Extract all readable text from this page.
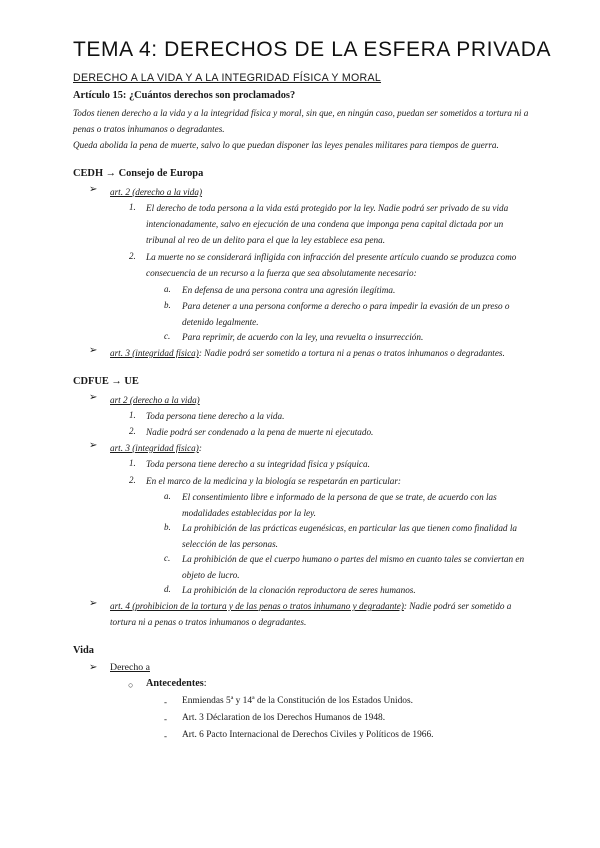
TEMA 4: DERECHOS DE LA ESFERA PRIVADA
DERECHO A LA VIDA Y A LA INTEGRIDAD FÍSICA Y MORAL
Artículo 15: ¿Cuántos derechos son proclamados?
Todos tienen derecho a la vida y a la integridad física y moral, sin que, en ningún caso, puedan ser sometidos a tortura ni a
penas o tratos inhumanos o degradantes.
Queda abolida la pena de muerte, salvo lo que puedan disponer las leyes penales militares para tiempos de guerra.
CEDH → Consejo de Europa
➢ art. 2 (derecho a la vida)
1. El derecho de toda persona a la vida está protegido por la ley. Nadie podrá ser privado de su vida
intencionadamente, salvo en ejecución de una condena que imponga pena capital dictada por un
tribunal al reo de un delito para el que la ley establece esa pena.
2. La muerte no se considerará infligida con infracción del presente artículo cuando se produzca como
consecuencia de un recurso a la fuerza que sea absolutamente necesario:
a. En defensa de una persona contra una agresión ilegítima.
b. Para detener a una persona conforme a derecho o para impedir la evasión de un preso o
detenido legalmente.
c. Para reprimir, de acuerdo con la ley, una revuelta o insurrección.
➢ art. 3 (integridad física): Nadie podrá ser sometido a tortura ni a penas o tratos inhumanos o degradantes.
CDFUE → UE
➢ art 2 (derecho a la vida)
1. Toda persona tiene derecho a la vida.
2. Nadie podrá ser condenado a la pena de muerte ni ejecutado.
➢ art. 3 (integridad física):
1. Toda persona tiene derecho a su integridad física y psíquica.
2. En el marco de la medicina y la biología se respetarán en particular:
a. El consentimiento libre e informado de la persona de que se trate, de acuerdo con las
modalidades establecidas por la ley.
b. La prohibición de las prácticas eugenésicas, en particular las que tienen como finalidad la
selección de las personas.
c. La prohibición de que el cuerpo humano o partes del mismo en cuanto tales se conviertan en
objeto de lucro.
d. La prohibición de la clonación reproductora de seres humanos.
➢ art. 4 (prohibicion de la tortura y de las penas o tratos inhumano y degradante): Nadie podrá ser sometido a
tortura ni a penas o tratos inhumanos o degradantes.
Vida
➢ Derecho a
○ Antecedentes:
- Enmiendas 5ª y 14ª de la Constitución de los Estados Unidos.
- Art. 3 Déclaration de los Derechos Humanos de 1948.
- Art. 6 Pacto Internacional de Derechos Civiles y Políticos de 1966.
